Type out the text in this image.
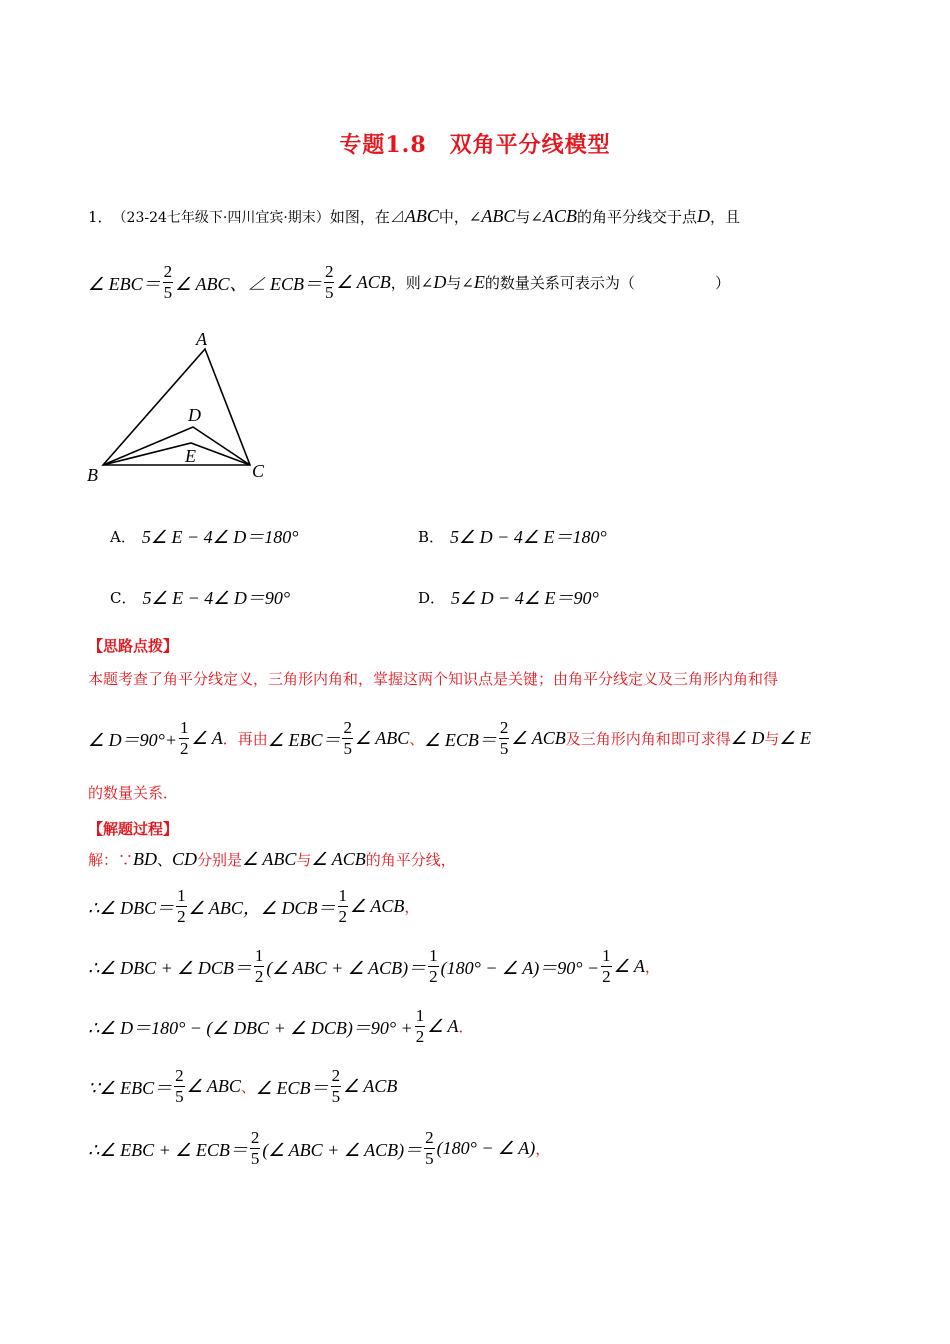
专题1.8　双角平分线模型
1． （23-24七年级下·四川宜宾·期末） 如图，在⊿ ABC 中，∠ ABC 与∠ ACB 的角平分线交于点 D ，且
∠ $EBC= \frac{2}{5}$ ∠ ABC、∠ $ECB= \frac{2}{5}$ ∠ ACB ，则∠ D 与∠ E 的数量关系可表示为（	）
A
B	C
D
E
A． 5∠ E − 4∠ D＝180°	B． 5∠ D − 4∠ E＝180°
C． 5∠ E − 4∠ D＝90°	D． 5∠ D − 4∠ E＝90°
【思路点拨】
本题考查了角平分线定义，三角形内角和，掌握这两个知识点是关键；由角平分线定义及三角形内角和得
∠ $D=90^\circ+ \frac{1}{2}$ ∠ A ．再由 ∠ $EBC= \frac{2}{5}$ ∠ ABC 、 ∠ $ECB= \frac{2}{5}$ ∠ ACB 及三角形内角和即可求得 ∠ D 与 ∠ E
的数量关系．
【解题过程】
解：∵ BD 、 CD 分别是 ∠ ABC 与 ∠ ACB 的角平分线，
∴∠ $DBC= \frac{1}{2}$ ∠ ABC，∠ $DCB= \frac{1}{2}$ ∠ ACB ，
∴∠ DBC + ∠ $DCB= \frac{1}{2}$ (∠ ABC + ∠ $ACB)= \frac{1}{2} (180^\circ$ − ∠ $A)=90^\circ - \frac{1}{2}$ ∠ A ，
∴∠ D＝180° − (∠ DBC + ∠ $DCB)=90^\circ + \frac{1}{2}$ ∠ A ．
∵∠ $EBC= \frac{2}{5}$ ∠ ABC 、 ∠ $ECB= \frac{2}{5}$ ∠ ACB
∴∠ EBC + ∠ $ECB= \frac{2}{5}$ (∠ ABC + ∠ $ACB)= \frac{2}{5} (180^\circ$ − ∠ A) ，
